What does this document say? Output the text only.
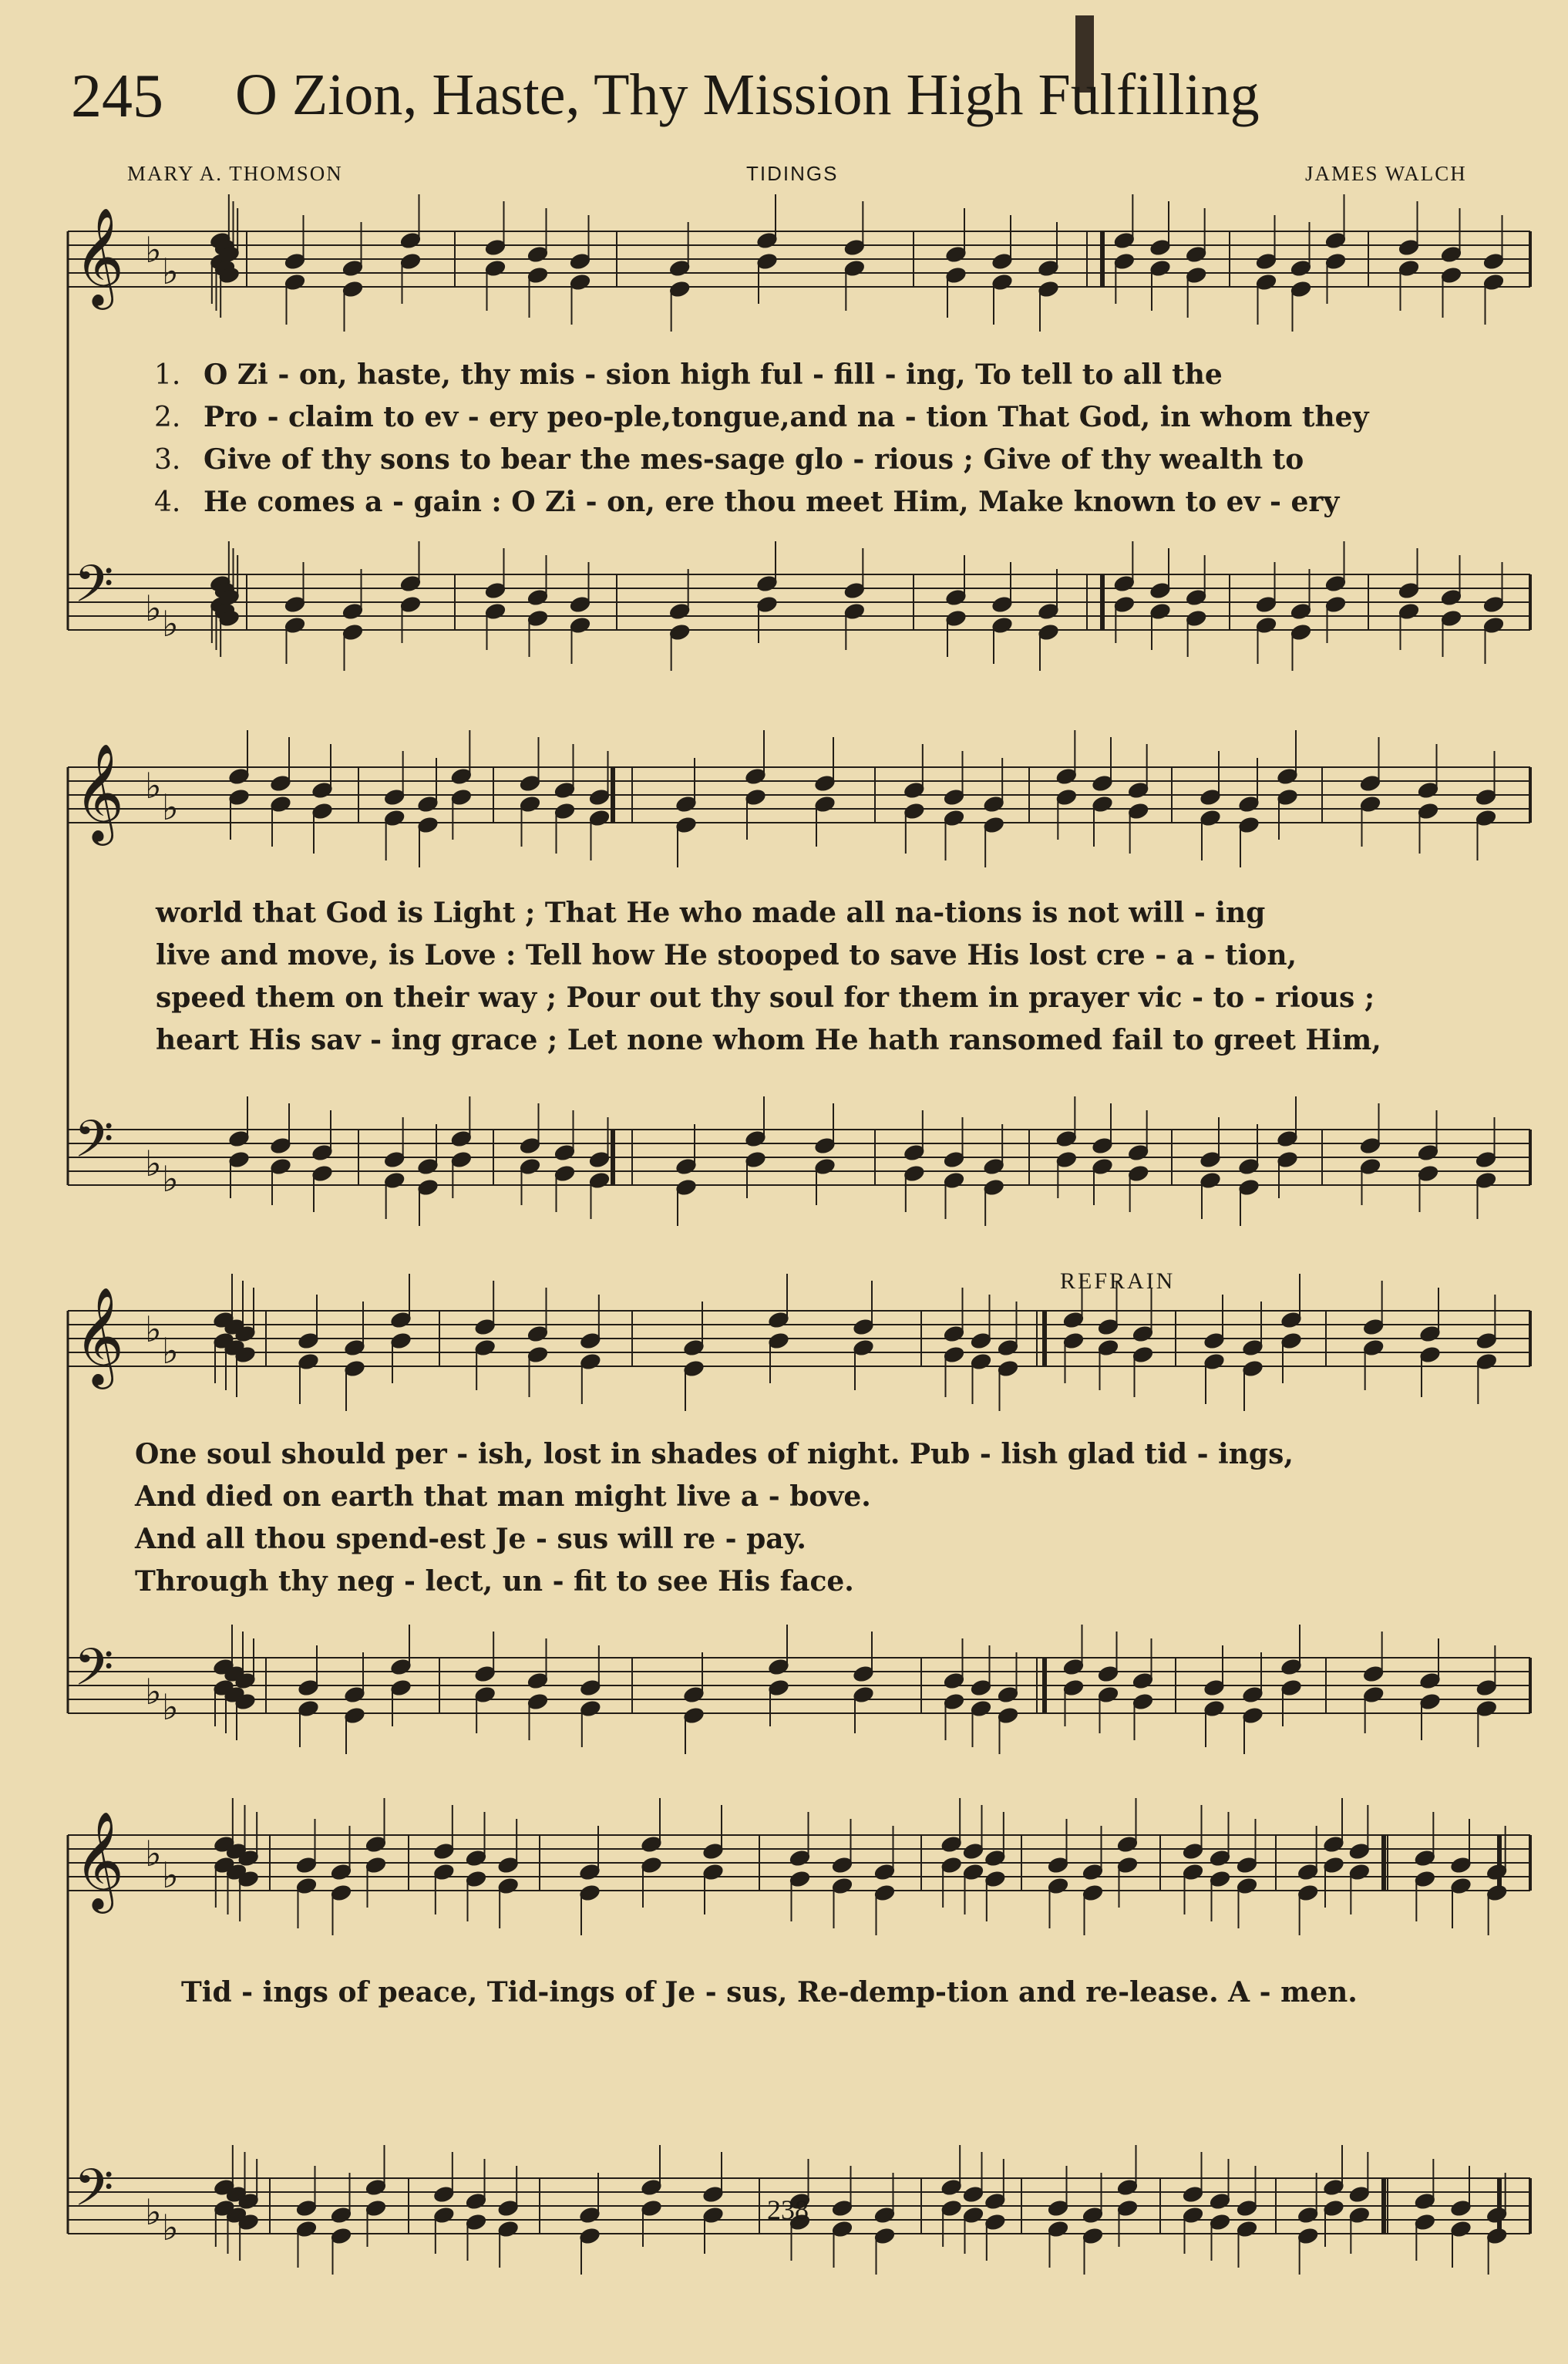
245 O Zion, Haste, Thy Mission High Fulfilling
MARY A. THOMSON	TIDINGS	JAMES WALCH
REFRAIN
𝄞 ♭
♭
𝄢 ♭ ♭
𝄞 ♭
♭
𝄢 ♭ ♭
𝄞 ♭
♭
𝄢 ♭ ♭
𝄞 ♭
♭
𝄢 ♭ ♭
1. O Zi - on, haste, thy mis - sion high ful - fill - ing, To tell to all the
2. Pro - claim to ev - ery peo-ple,tongue,and na - tion That God, in whom they
3. Give of thy sons to bear the mes-sage glo - rious ; Give of thy wealth to
4. He comes a - gain : O Zi - on, ere thou meet Him, Make known to ev - ery
world that God is Light ; That He who made all na-tions is not will - ing
live and move, is Love : Tell how He stooped to save His lost cre - a - tion,
speed them on their way ; Pour out thy soul for them in prayer vic - to - rious ;
heart His sav - ing grace ; Let none whom He hath ransomed fail to greet Him,
One soul should per - ish, lost in shades of night. Pub - lish glad tid - ings,
And died on earth that man might live a - bove.
And all thou spend-est Je - sus will re - pay.
Through thy neg - lect, un - fit to see His face.
Tid - ings of peace, Tid-ings of Je - sus, Re-demp-tion and re-lease. A - men.
238
